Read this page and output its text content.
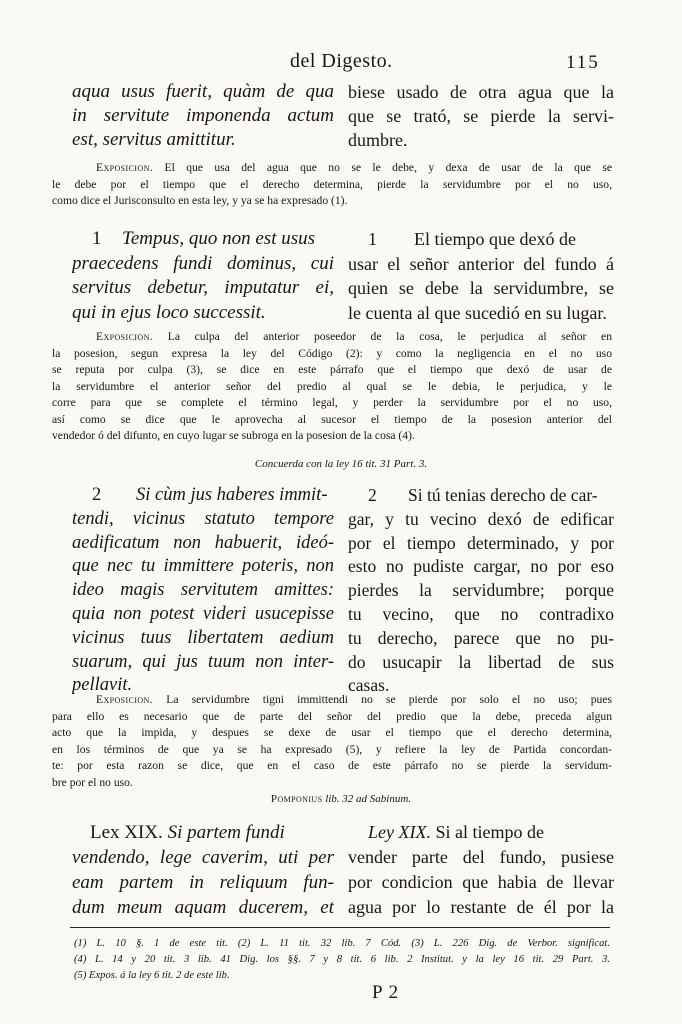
del Digesto.	115
aqua usus fuerit, quàm de qua
in servitute imponenda actum
est, servitus amittitur.
biese usado de otra agua que la
que se trató, se pierde la servi-
dumbre.
Exposicion. El que usa del agua que no se le debe, y dexa de usar de la que se
le debe por el tiempo que el derecho determina, pierde la servidumbre por el no uso,
como dice el Jurisconsulto en esta ley, y ya se ha expresado (1).
1 Tempus, quo non est usus
praecedens fundi dominus, cui
servitus debetur, imputatur ei,
qui in ejus loco successit.
1 El tiempo que dexó de
usar el señor anterior del fundo á
quien se debe la servidumbre, se
le cuenta al que sucedió en su lugar.
Exposicion. La culpa del anterior poseedor de la cosa, le perjudica al señor en
la posesion, segun expresa la ley del Código (2): y como la negligencia en el no uso
se reputa por culpa (3), se dice en este párrafo que el tiempo que dexó de usar de
la servidumbre el anterior señor del predio al qual se le debia, le perjudica, y le
corre para que se complete el término legal, y perder la servidumbre por el no uso,
así como se dice que le aprovecha al sucesor el tiempo de la posesion anterior del
vendedor ó del difunto, en cuyo lugar se subroga en la posesion de la cosa (4).
Concuerda con la ley 16 tit. 31 Part. 3.
2 Si cùm jus haberes immit-
tendi, vicinus statuto tempore
aedificatum non habuerit, ideó-
que nec tu immittere poteris, non
ideo magis servitutem amittes:
quia non potest videri usucepisse
vicinus tuus libertatem aedium
suarum, qui jus tuum non inter-
pellavit.
2 Si tú tenias derecho de car-
gar, y tu vecino dexó de edificar
por el tiempo determinado, y por
esto no pudiste cargar, no por eso
pierdes la servidumbre; porque
tu vecino, que no contradixo
tu derecho, parece que no pu-
do usucapir la libertad de sus
casas.
Exposicion. La servidumbre tigni immittendi no se pierde por solo el no uso; pues
para ello es necesario que de parte del señor del predio que la debe, preceda algun
acto que la impida, y despues se dexe de usar el tiempo que el derecho determina,
en los términos de que ya se ha expresado (5), y refiere la ley de Partida concordan-
te: por esta razon se dice, que en el caso de este párrafo no se pierde la servidum-
bre por el no uso.
Pomponius lib. 32 ad Sabinum.
Lex XIX. Si partem fundi
vendendo, lege caverim, uti per
eam partem in reliquum fun-
dum meum aquam ducerem, et
Ley XIX. Si al tiempo de
vender parte del fundo, pusiese
por condicion que habia de llevar
agua por lo restante de él por la
(1) L. 10 §. 1 de este tit. (2) L. 11 tit. 32 lib. 7 Cód. (3) L. 226 Dig. de Verbor. significat.
(4) L. 14 y 20 tit. 3 lib. 41 Dig. los §§. 7 y 8 tit. 6 lib. 2 Institut. y la ley 16 tit. 29 Part. 3.
(5) Expos. á la ley 6 tit. 2 de este lib.
P 2
